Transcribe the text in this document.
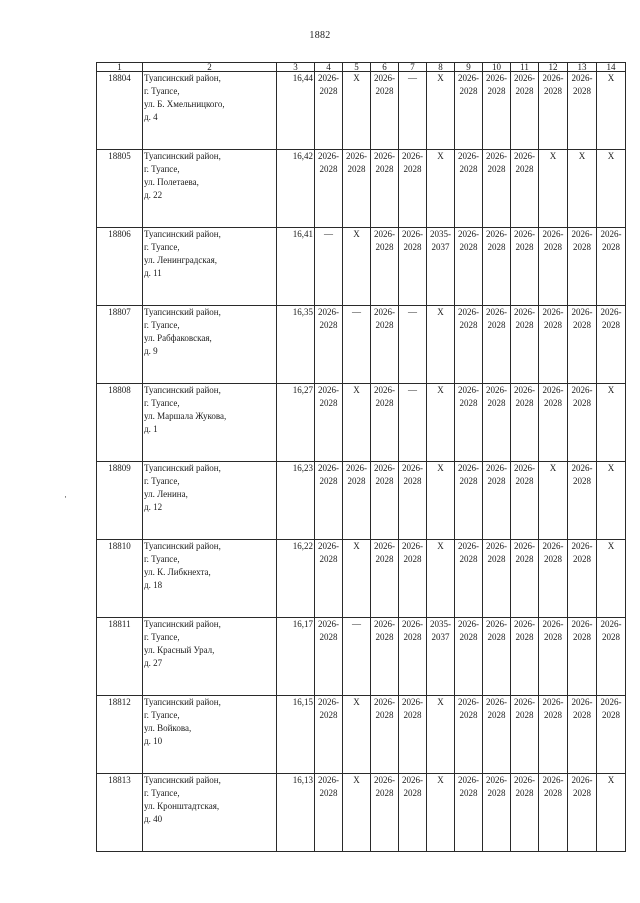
1882
·
1	2	3	4	5	6	7	8	9	10	11	12	13	14
18804	Туапсинский район,
г. Туапсе,
ул. Б. Хмельницкого,
д. 4	16,44	2026-2028	X	2026-2028	—	X	2026-2028	2026-2028	2026-2028	2026-2028	2026-2028	X
18805	Туапсинский район,
г. Туапсе,
ул. Полетаева,
д. 22	16,42	2026-2028	2026-2028	2026-2028	2026-2028	X	2026-2028	2026-2028	2026-2028	X	X	X
18806	Туапсинский район,
г. Туапсе,
ул. Ленинградская,
д. 11	16,41	—	X	2026-2028	2026-2028	2035-2037	2026-2028	2026-2028	2026-2028	2026-2028	2026-2028	2026-2028
18807	Туапсинский район,
г. Туапсе,
ул. Рабфаковская,
д. 9	16,35	2026-2028	—	2026-2028	—	X	2026-2028	2026-2028	2026-2028	2026-2028	2026-2028	2026-2028
18808	Туапсинский район,
г. Туапсе,
ул. Маршала Жукова,
д. 1	16,27	2026-2028	X	2026-2028	—	X	2026-2028	2026-2028	2026-2028	2026-2028	2026-2028	X
18809	Туапсинский район,
г. Туапсе,
ул. Ленина,
д. 12	16,23	2026-2028	2026-2028	2026-2028	2026-2028	X	2026-2028	2026-2028	2026-2028	X	2026-2028	X
18810	Туапсинский район,
г. Туапсе,
ул. К. Либкнехта,
д. 18	16,22	2026-2028	X	2026-2028	2026-2028	X	2026-2028	2026-2028	2026-2028	2026-2028	2026-2028	X
18811	Туапсинский район,
г. Туапсе,
ул. Красный Урал,
д. 27	16,17	2026-2028	—	2026-2028	2026-2028	2035-2037	2026-2028	2026-2028	2026-2028	2026-2028	2026-2028	2026-2028
18812	Туапсинский район,
г. Туапсе,
ул. Войкова,
д. 10	16,15	2026-2028	X	2026-2028	2026-2028	X	2026-2028	2026-2028	2026-2028	2026-2028	2026-2028	2026-2028
18813	Туапсинский район,
г. Туапсе,
ул. Кронштадтская,
д. 40	16,13	2026-2028	X	2026-2028	2026-2028	X	2026-2028	2026-2028	2026-2028	2026-2028	2026-2028	X
